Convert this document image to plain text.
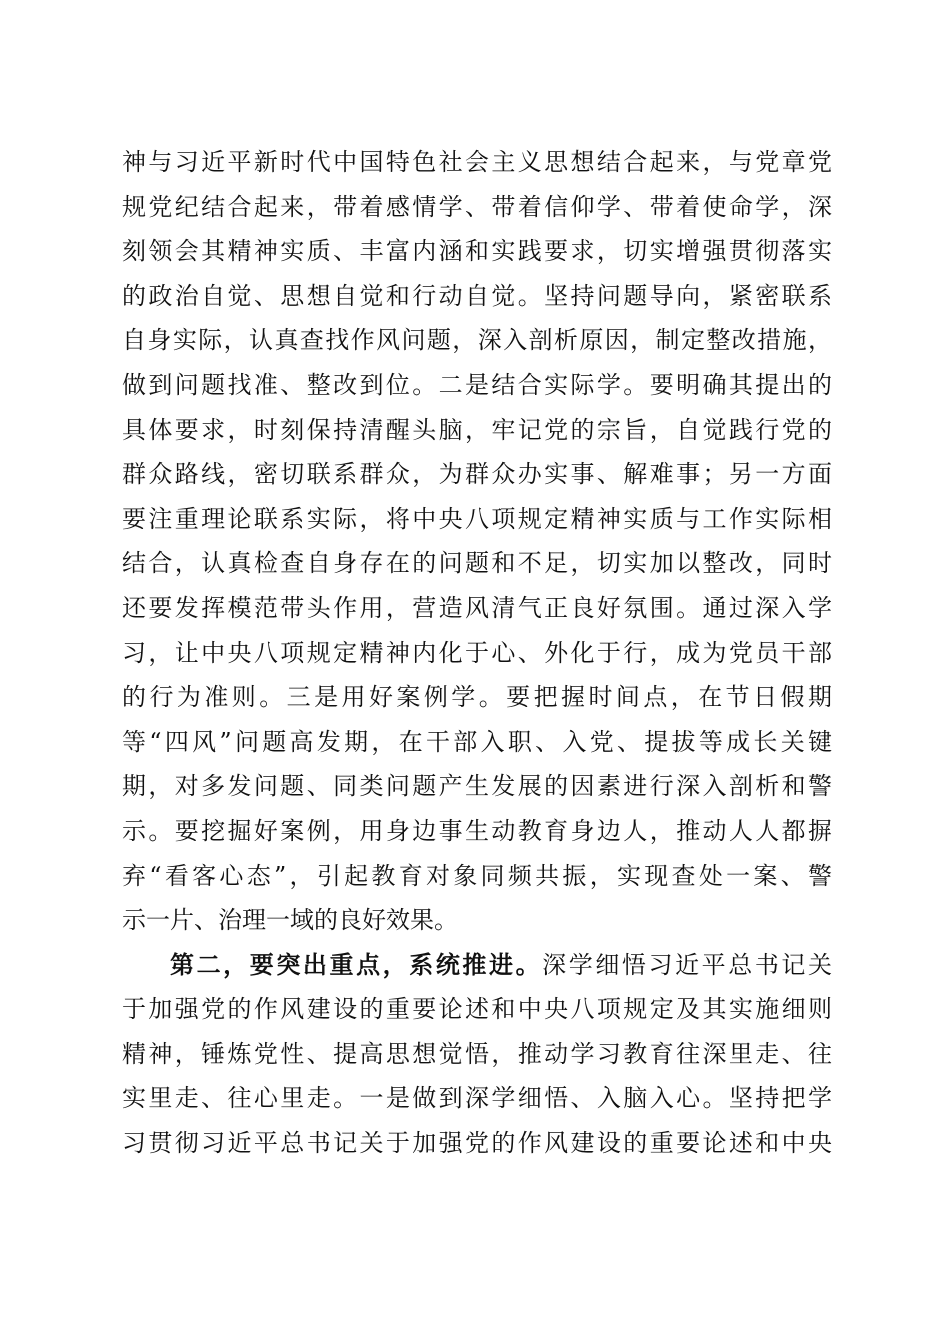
神与习近平新时代中国特色社会主义思想结合起来，与党章党
规党纪结合起来，带着感情学、带着信仰学、带着使命学，深
刻领会其精神实质、丰富内涵和实践要求，切实增强贯彻落实
的政治自觉、思想自觉和行动自觉。坚持问题导向，紧密联系
自身实际，认真查找作风问题，深入剖析原因，制定整改措施，
做到问题找准、整改到位。二是结合实际学。要明确其提出的
具体要求，时刻保持清醒头脑，牢记党的宗旨，自觉践行党的
群众路线，密切联系群众，为群众办实事、解难事；另一方面
要注重理论联系实际，将中央八项规定精神实质与工作实际相
结合，认真检查自身存在的问题和不足，切实加以整改，同时
还要发挥模范带头作用，营造风清气正良好氛围。通过深入学
习，让中央八项规定精神内化于心、外化于行，成为党员干部
的行为准则。三是用好案例学。要把握时间点，在节日假期
等“四风”问题高发期，在干部入职、入党、提拔等成长关键
期，对多发问题、同类问题产生发展的因素进行深入剖析和警
示。要挖掘好案例，用身边事生动教育身边人，推动人人都摒
弃“看客心态”，引起教育对象同频共振，实现查处一案、警
示一片、治理一域的良好效果。
第二，要突出重点，系统推进。深学细悟习近平总书记关
于加强党的作风建设的重要论述和中央八项规定及其实施细则
精神，锤炼党性、提高思想觉悟，推动学习教育往深里走、往
实里走、往心里走。一是做到深学细悟、入脑入心。坚持把学
习贯彻习近平总书记关于加强党的作风建设的重要论述和中央
